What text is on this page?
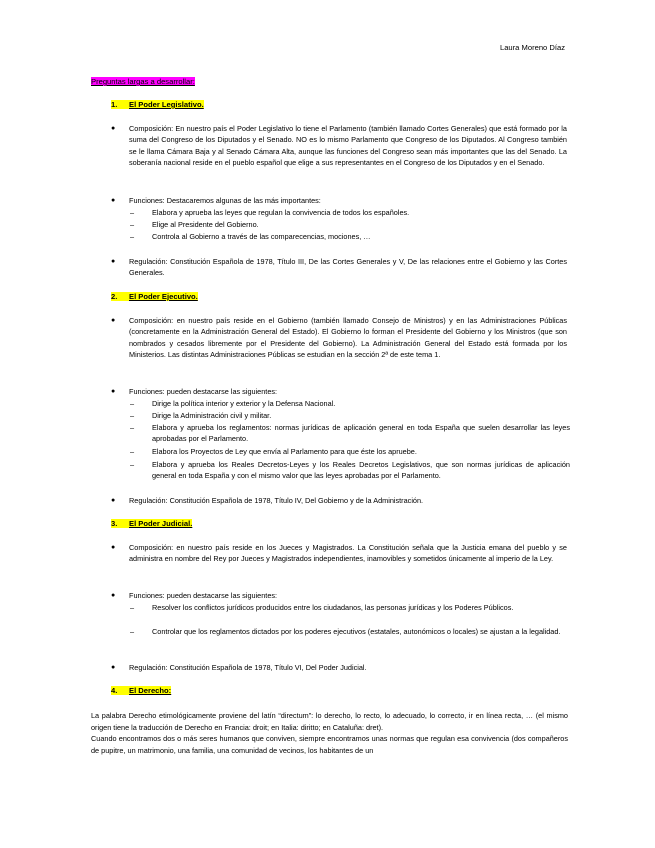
Laura Moreno Díaz
Preguntas largas a desarrollar:
1. El Poder Legislativo.
● Composición: En nuestro país el Poder Legislativo lo tiene el Parlamento (también llamado Cortes Generales) que está formado por la suma del Congreso de los Diputados y el Senado. NO es lo mismo Parlamento que Congreso de los Diputados. Al Congreso también se le llama Cámara Baja y al Senado Cámara Alta, aunque las funciones del Congreso sean más importantes que las del Senado. La soberanía nacional reside en el pueblo español que elige a sus representantes en el Congreso de los Diputados y en el Senado.
● Funciones: Destacaremos algunas de las más importantes:
– Elabora y aprueba las leyes que regulan la convivencia de todos los españoles.
– Elige al Presidente del Gobierno.
– Controla al Gobierno a través de las comparecencias, mociones, …
● Regulación: Constitución Española de 1978, Título III, De las Cortes Generales y V, De las relaciones entre el Gobierno y las Cortes Generales.
2. El Poder Ejecutivo.
● Composición: en nuestro país reside en el Gobierno (también llamado Consejo de Ministros) y en las Administraciones Públicas (concretamente en la Administración General del Estado). El Gobierno lo forman el Presidente del Gobierno y los Ministros (que son nombrados y cesados libremente por el Presidente del Gobierno). La Administración General del Estado está formada por los Ministerios. Las distintas Administraciones Públicas se estudian en la sección 2ª de este tema 1.
● Funciones: pueden destacarse las siguientes:
– Dirige la política interior y exterior y la Defensa Nacional.
– Dirige la Administración civil y militar.
– Elabora y aprueba los reglamentos: normas jurídicas de aplicación general en toda España que suelen desarrollar las leyes aprobadas por el Parlamento.
– Elabora los Proyectos de Ley que envía al Parlamento para que éste los apruebe.
– Elabora y aprueba los Reales Decretos-Leyes y los Reales Decretos Legislativos, que son normas jurídicas de aplicación general en toda España y con el mismo valor que las leyes aprobadas por el Parlamento.
● Regulación: Constitución Española de 1978, Título IV, Del Gobierno y de la Administración.
3. El Poder Judicial.
● Composición: en nuestro país reside en los Jueces y Magistrados. La Constitución señala que la Justicia emana del pueblo y se administra en nombre del Rey por Jueces y Magistrados independientes, inamovibles y sometidos únicamente al imperio de la Ley.
● Funciones: pueden destacarse las siguientes:
– Resolver los conflictos jurídicos producidos entre los ciudadanos, las personas jurídicas y los Poderes Públicos.
– Controlar que los reglamentos dictados por los poderes ejecutivos (estatales, autonómicos o locales) se ajustan a la legalidad.
● Regulación: Constitución Española de 1978, Título VI, Del Poder Judicial.
4. El Derecho:
La palabra Derecho etimológicamente proviene del latín “directum”: lo derecho, lo recto, lo adecuado, lo correcto, ir en línea recta, … (el mismo origen tiene la traducción de Derecho en Francia: droit; en Italia: diritto; en Cataluña: dret).
Cuando encontramos dos o más seres humanos que conviven, siempre encontramos unas normas que regulan esa convivencia (dos compañeros de pupitre, un matrimonio, una familia, una comunidad de vecinos, los habitantes de un
